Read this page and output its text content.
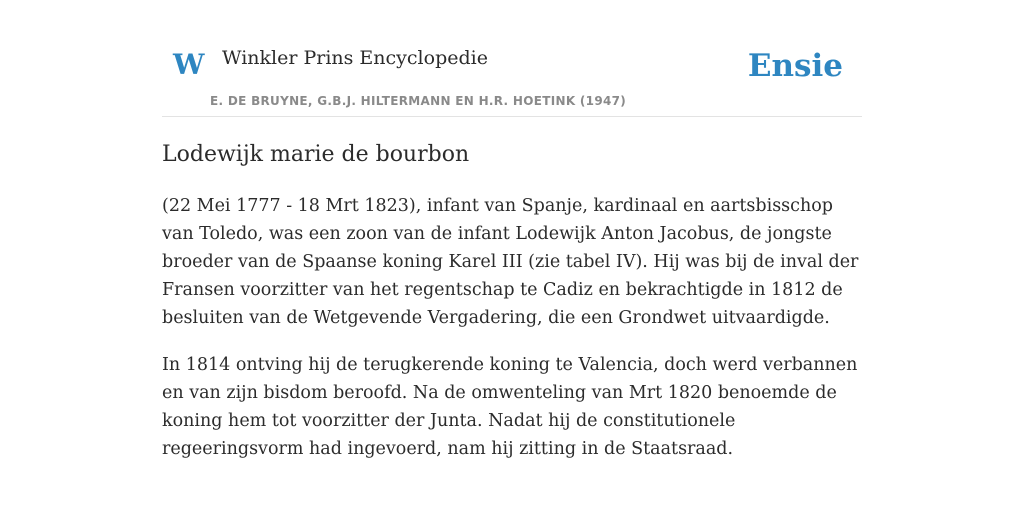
W Winkler Prins Encyclopedie
E. DE BRUYNE, G.B.J. HILTERMANN EN H.R. HOETINK (1947)
Ensie
Lodewijk marie de bourbon

(22 Mei 1777 - 18 Mrt 1823), infant van Spanje, kardinaal en aartsbisschop van Toledo, was een zoon van de infant Lodewijk Anton Jacobus, de jongste broeder van de Spaanse koning Karel III (zie tabel IV). Hij was bij de inval der Fransen voorzitter van het regentschap te Cadiz en bekrachtigde in 1812 de besluiten van de Wetgevende Vergadering, die een Grondwet uitvaardigde.

In 1814 ontving hij de terugkerende koning te Valencia, doch werd verbannen en van zijn bisdom beroofd. Na de omwenteling van Mrt 1820 benoemde de koning hem tot voorzitter der Junta. Nadat hij de constitutionele regeeringsvorm had ingevoerd, nam hij zitting in de Staatsraad.
